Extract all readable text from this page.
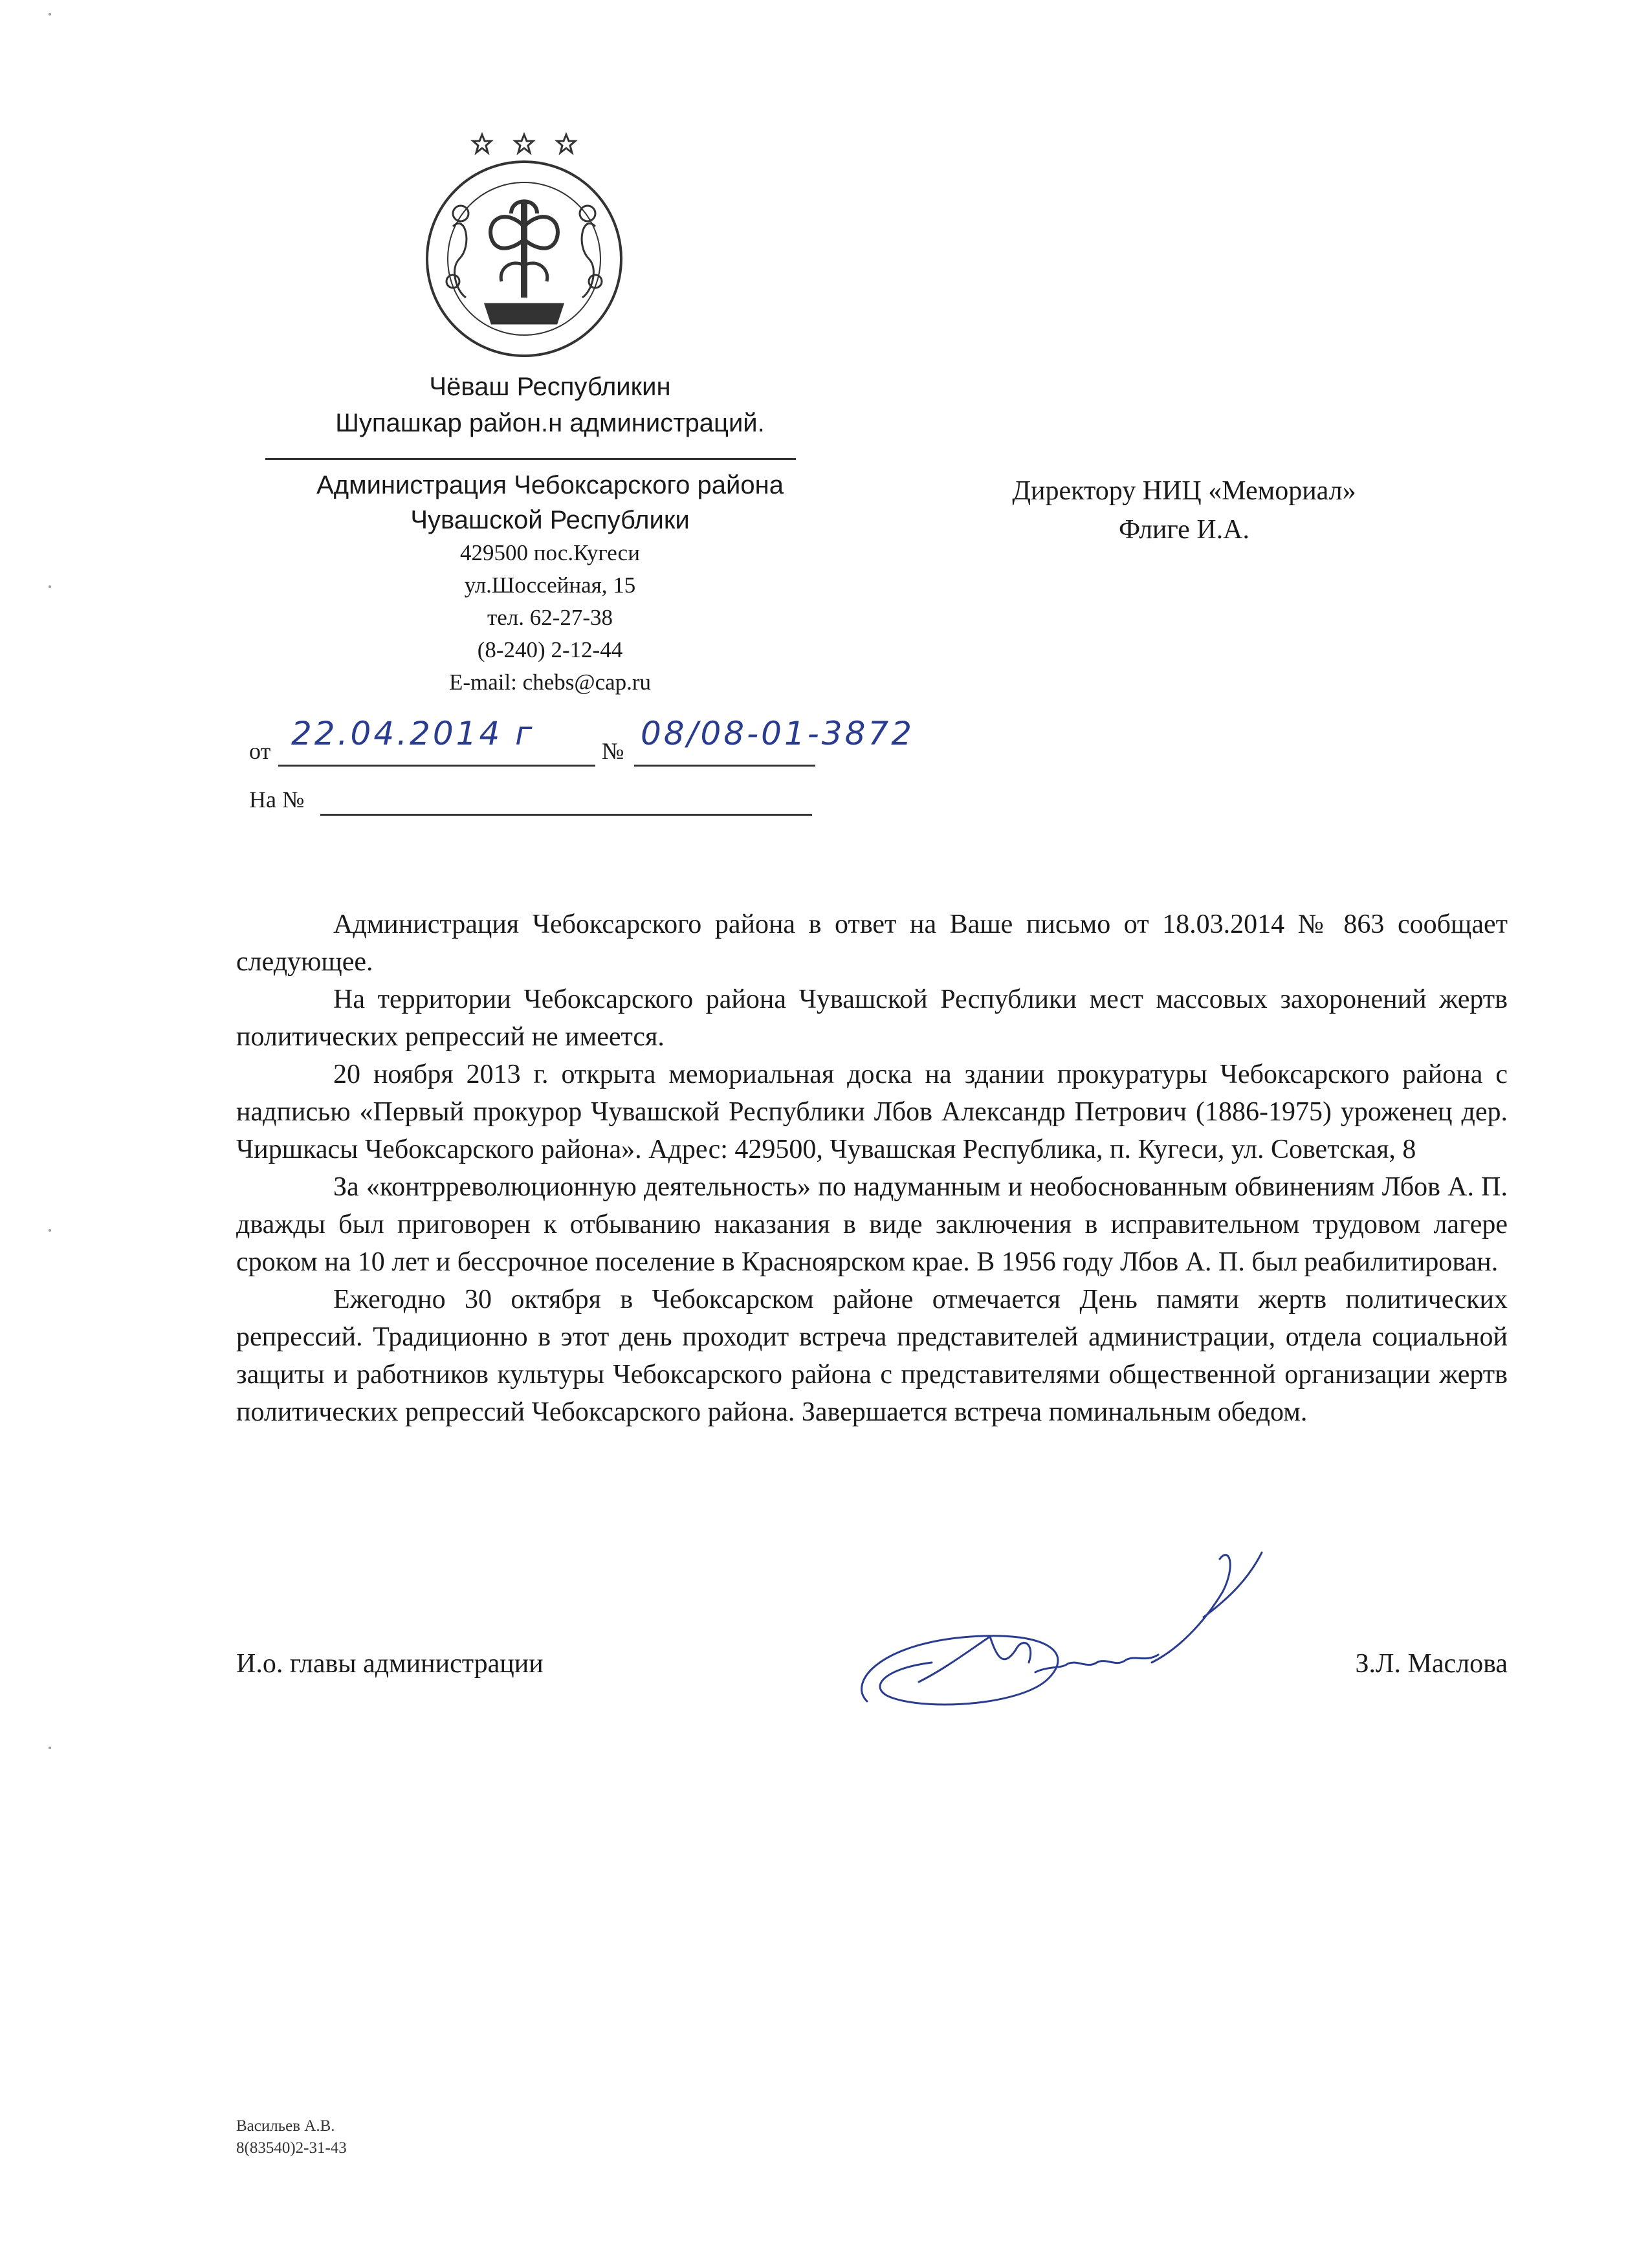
Чёваш Республикин
Шупашкар район.н администраций.
Администрация Чебоксарского района
Чувашской Республики
429500 пос.Кугеси
ул.Шоссейная, 15
тел. 62-27-38
(8-240) 2-12-44
E-mail: chebs@cap.ru
Директору НИЦ «Мемориал»
Флиге И.А.
от 22.04.2014 г	№ 08/08-01-3872
На №

Администрация Чебоксарского района в ответ на Ваше письмо от 18.03.2014 № 863 сообщает следующее.

На территории Чебоксарского района Чувашской Республики мест массовых захоронений жертв политических репрессий не имеется.

20 ноября 2013 г. открыта мемориальная доска на здании прокуратуры Чебоксарского района с надписью «Первый прокурор Чувашской Республики Лбов Александр Петрович (1886-1975) уроженец дер. Чиршкасы Чебоксарского района». Адрес: 429500, Чувашская Республика, п. Кугеси, ул. Советская, 8

За «контрреволюционную деятельность» по надуманным и необоснованным обвинениям Лбов А. П. дважды был приговорен к отбыванию наказания в виде заключения в исправительном трудовом лагере сроком на 10 лет и бессрочное поселение в Красноярском крае. В 1956 году Лбов А. П. был реабилитирован.

Ежегодно 30 октября в Чебоксарском районе отмечается День памяти жертв политических репрессий. Традиционно в этот день проходит встреча представителей администрации, отдела социальной защиты и работников культуры Чебоксарского района с представителями общественной организации жертв политических репрессий Чебоксарского района. Завершается встреча поминальным обедом.

И.о. главы администрации	З.Л. Маслова
Васильев А.В.
8(83540)2-31-43
